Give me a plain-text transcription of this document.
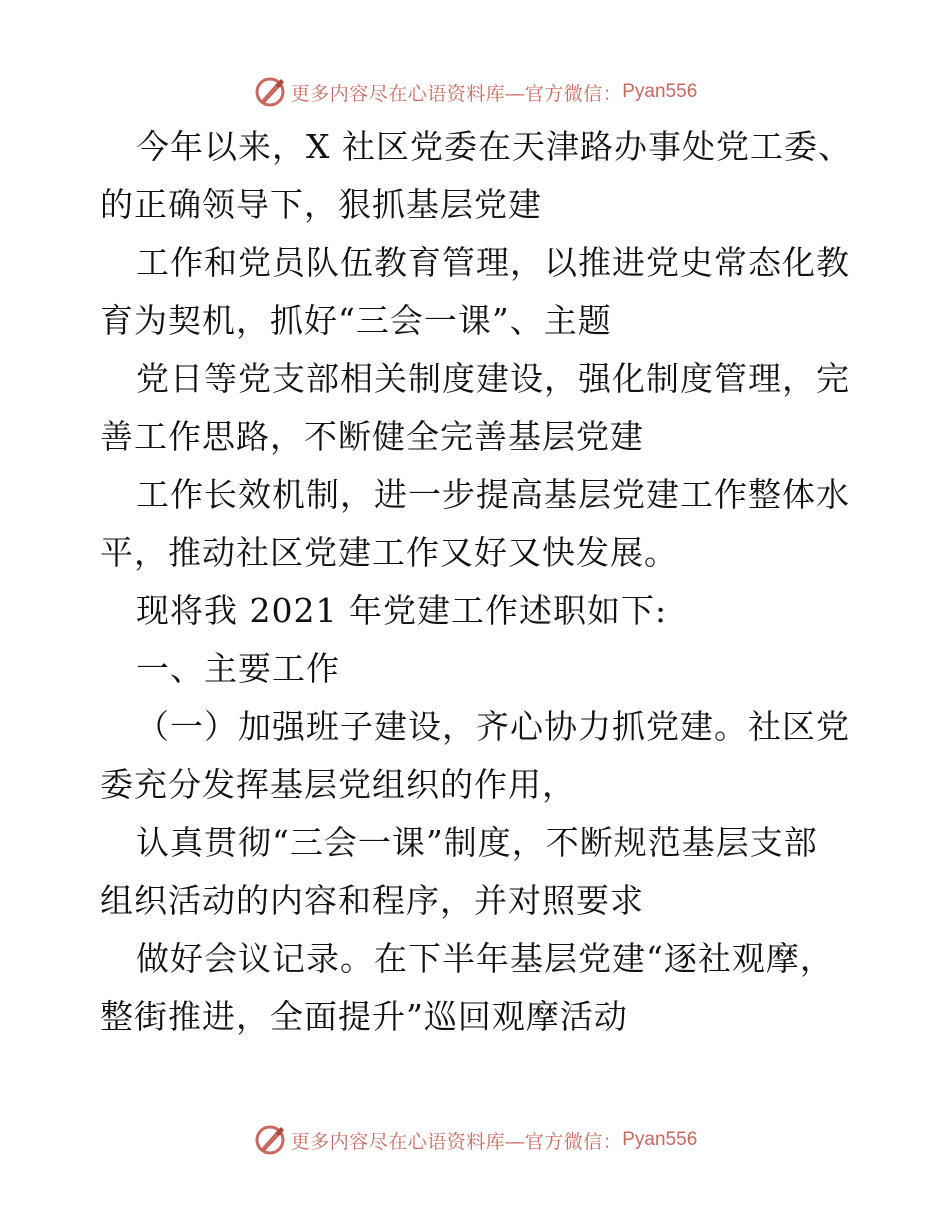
更多内容尽在心语资料库—官方微信： Pyan556
今年以来，X 社区党委在天津路办事处党工委、
的正确领导下，狠抓基层党建
工作和党员队伍教育管理，以推进党史常态化教
育为契机，抓好“三会一课”、主题
党日等党支部相关制度建设，强化制度管理，完
善工作思路，不断健全完善基层党建
工作长效机制，进一步提高基层党建工作整体水
平，推动社区党建工作又好又快发展。
现将我 2021 年党建工作述职如下:
一、主要工作
（一）加强班子建设，齐心协力抓党建。社区党
委充分发挥基层党组织的作用，
认真贯彻“三会一课”制度，不断规范基层支部
组织活动的内容和程序，并对照要求
做好会议记录。在下半年基层党建“逐社观摩，
整街推进，全面提升”巡回观摩活动
更多内容尽在心语资料库—官方微信： Pyan556
